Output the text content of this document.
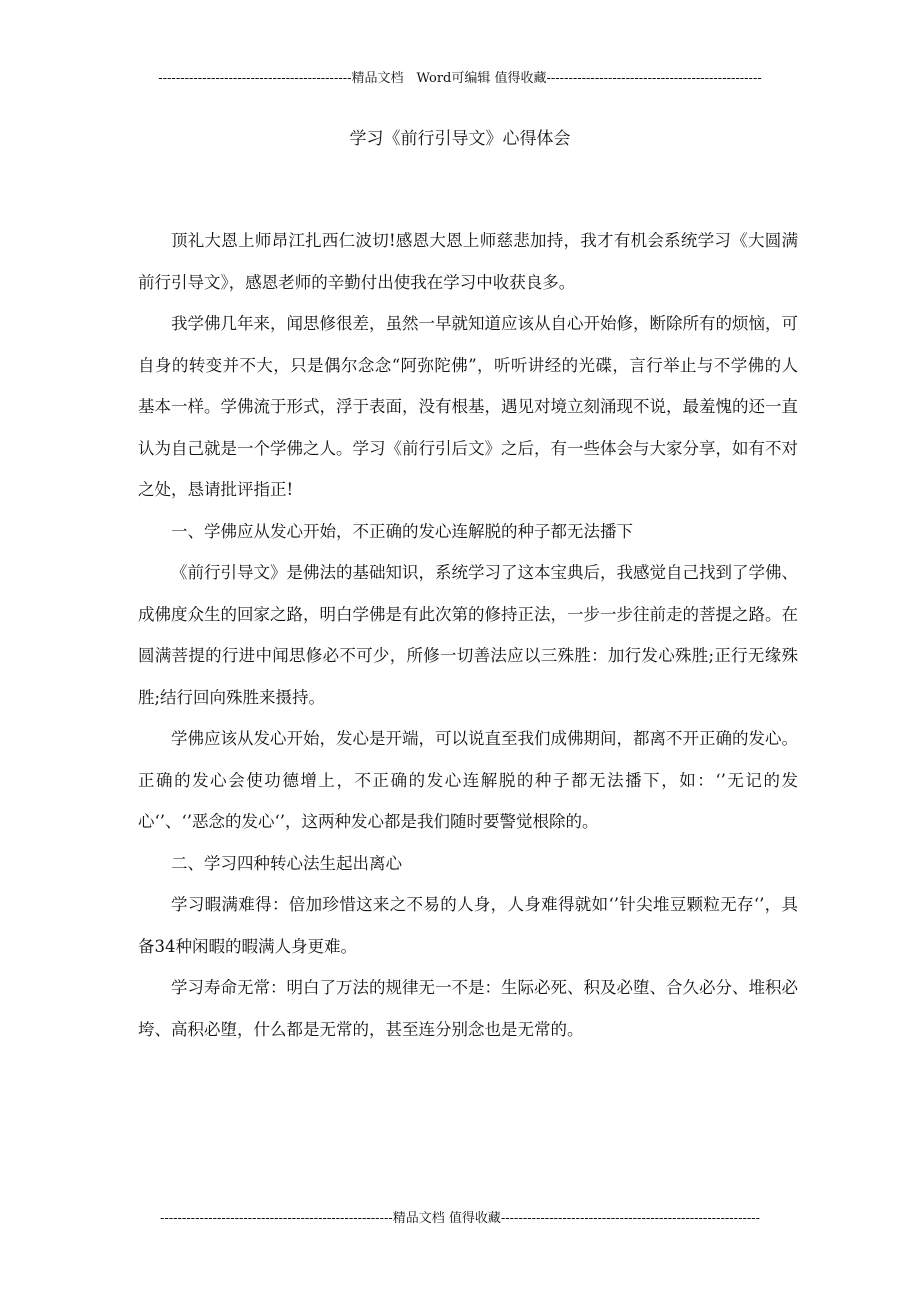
--------------------------------------------精品文档　Word可编辑 值得收藏-------------------------------------------------
学习《前行引导文》心得体会

顶礼大恩上师昂江扎西仁波切!感恩大恩上师慈悲加持，我才有机会系统学习《大圆满前行引导文》，感恩老师的辛勤付出使我在学习中收获良多。

我学佛几年来，闻思修很差，虽然一早就知道应该从自心开始修，断除所有的烦恼，可自身的转变并不大，只是偶尔念念“阿弥陀佛”，听听讲经的光碟，言行举止与不学佛的人基本一样。学佛流于形式，浮于表面，没有根基，遇见对境立刻涌现不说，最羞愧的还一直认为自己就是一个学佛之人。学习《前行引后文》之后，有一些体会与大家分享，如有不对之处，恳请批评指正!

一、学佛应从发心开始，不正确的发心连解脱的种子都无法播下

《前行引导文》是佛法的基础知识，系统学习了这本宝典后，我感觉自己找到了学佛、成佛度众生的回家之路，明白学佛是有此次第的修持正法，一步一步往前走的菩提之路。在圆满菩提的行进中闻思修必不可少，所修一切善法应以三殊胜：加行发心殊胜;正行无缘殊胜;结行回向殊胜来摄持。

学佛应该从发心开始，发心是开端，可以说直至我们成佛期间，都离不开正确的发心。正确的发心会使功德增上，不正确的发心连解脱的种子都无法播下，如：‘’无记的发心‘’、‘’恶念的发心‘’，这两种发心都是我们随时要警觉根除的。

二、学习四种转心法生起出离心

学习暇满难得：倍加珍惜这来之不易的人身，人身难得就如‘’针尖堆豆颗粒无存‘’，具备34种闲暇的暇满人身更难。

学习寿命无常：明白了万法的规律无一不是：生际必死、积及必堕、合久必分、堆积必垮、高积必堕，什么都是无常的，甚至连分别念也是无常的。

-----------------------------------------------------精品文档 值得收藏-----------------------------------------------------------
